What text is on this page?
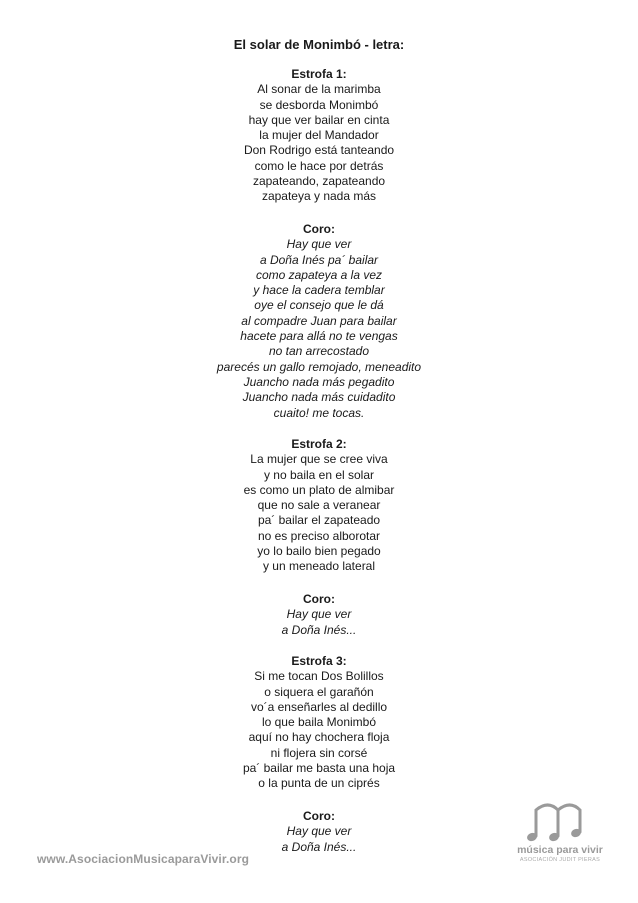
El solar de Monimbó - letra:
Estrofa 1:
Al sonar de la marimba
se desborda Monimbó
hay que ver bailar en cinta
la mujer del Mandador
Don Rodrigo está tanteando
como le hace por detrás
zapateando, zapateando
zapateya y nada más
Coro:
Hay que ver
a Doña Inés pa´ bailar
como zapateya a la vez
y hace la cadera temblar
oye el consejo que le dá
al compadre Juan para bailar
hacete para allá no te vengas
no tan arrecostado
parecés un gallo remojado, meneadito
Juancho nada más pegadito
Juancho nada más cuidadito
cuaito! me tocas.
Estrofa 2:
La mujer que se cree viva
y no baila en el solar
es como un plato de almibar
que no sale a veranear
pa´ bailar el zapateado
no es preciso alborotar
yo lo bailo bien pegado
y un meneado lateral
Coro:
Hay que ver
a Doña Inés...
Estrofa 3:
Si me tocan Dos Bolillos
o siquera el garañón
vo´a enseñarles al dedillo
lo que baila Monimbó
aquí no hay chochera floja
ni flojera sin corsé
pa´ bailar me basta una hoja
o la punta de un ciprés
Coro:
Hay que ver
a Doña Inés...
www.AsociacionMusicaparaVivir.org
música para vivir
ASOCIACIÓN JUDIT PIERAS
